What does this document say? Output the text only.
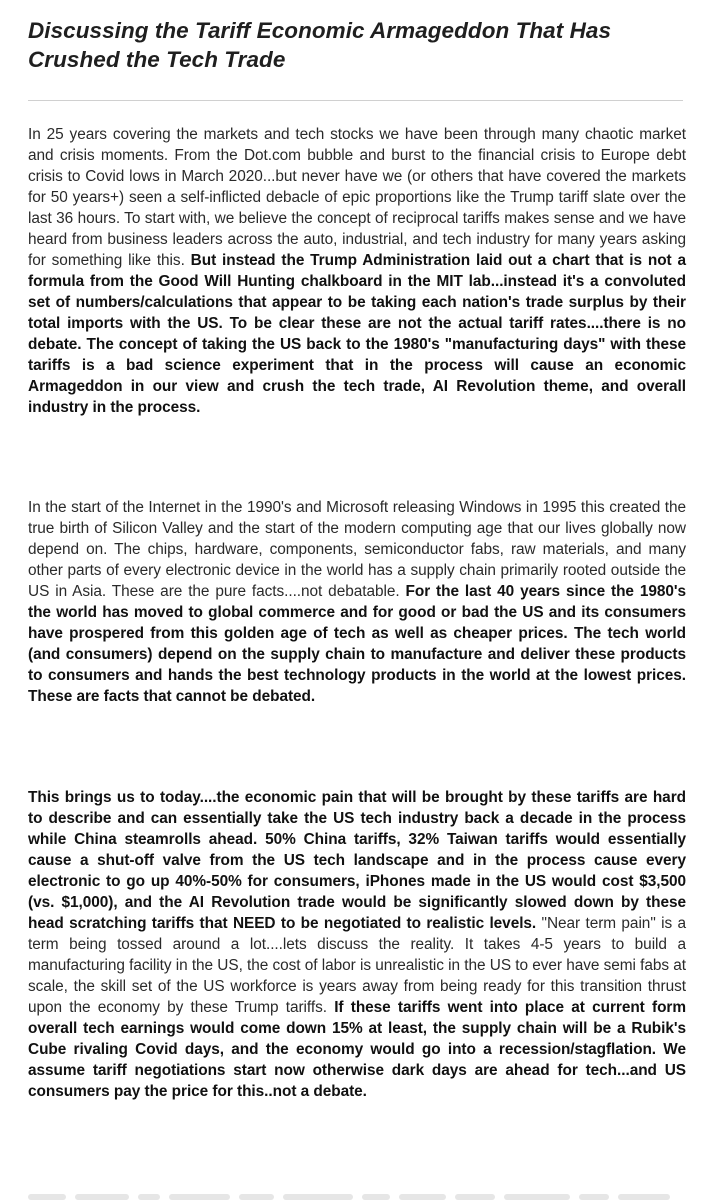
Discussing the Tariff Economic Armageddon That Has Crushed the Tech Trade

In 25 years covering the markets and tech stocks we have been through many chaotic market and crisis moments. From the Dot.com bubble and burst to the financial crisis to Europe debt crisis to Covid lows in March 2020...but never have we (or others that have covered the markets for 50 years+) seen a self-inflicted debacle of epic proportions like the Trump tariff slate over the last 36 hours. To start with, we believe the concept of reciprocal tariffs makes sense and we have heard from business leaders across the auto, industrial, and tech industry for many years asking for something like this. But instead the Trump Administration laid out a chart that is not a formula from the Good Will Hunting chalkboard in the MIT lab...instead it's a convoluted set of numbers/calculations that appear to be taking each nation's trade surplus by their total imports with the US. To be clear these are not the actual tariff rates....there is no debate. The concept of taking the US back to the 1980's "manufacturing days" with these tariffs is a bad science experiment that in the process will cause an economic Armageddon in our view and crush the tech trade, AI Revolution theme, and overall industry in the process.

In the start of the Internet in the 1990's and Microsoft releasing Windows in 1995 this created the true birth of Silicon Valley and the start of the modern computing age that our lives globally now depend on. The chips, hardware, components, semiconductor fabs, raw materials, and many other parts of every electronic device in the world has a supply chain primarily rooted outside the US in Asia. These are the pure facts....not debatable. For the last 40 years since the 1980's the world has moved to global commerce and for good or bad the US and its consumers have prospered from this golden age of tech as well as cheaper prices. The tech world (and consumers) depend on the supply chain to manufacture and deliver these products to consumers and hands the best technology products in the world at the lowest prices. These are facts that cannot be debated.

This brings us to today....the economic pain that will be brought by these tariffs are hard to describe and can essentially take the US tech industry back a decade in the process while China steamrolls ahead. 50% China tariffs, 32% Taiwan tariffs would essentially cause a shut-off valve from the US tech landscape and in the process cause every electronic to go up 40%-50% for consumers, iPhones made in the US would cost $3,500 (vs. $1,000), and the AI Revolution trade would be significantly slowed down by these head scratching tariffs that NEED to be negotiated to realistic levels. "Near term pain" is a term being tossed around a lot....lets discuss the reality. It takes 4-5 years to build a manufacturing facility in the US, the cost of labor is unrealistic in the US to ever have semi fabs at scale, the skill set of the US workforce is years away from being ready for this transition thrust upon the economy by these Trump tariffs. If these tariffs went into place at current form overall tech earnings would come down 15% at least, the supply chain will be a Rubik's Cube rivaling Covid days, and the economy would go into a recession/stagflation. We assume tariff negotiations start now otherwise dark days are ahead for tech...and US consumers pay the price for this..not a debate.
